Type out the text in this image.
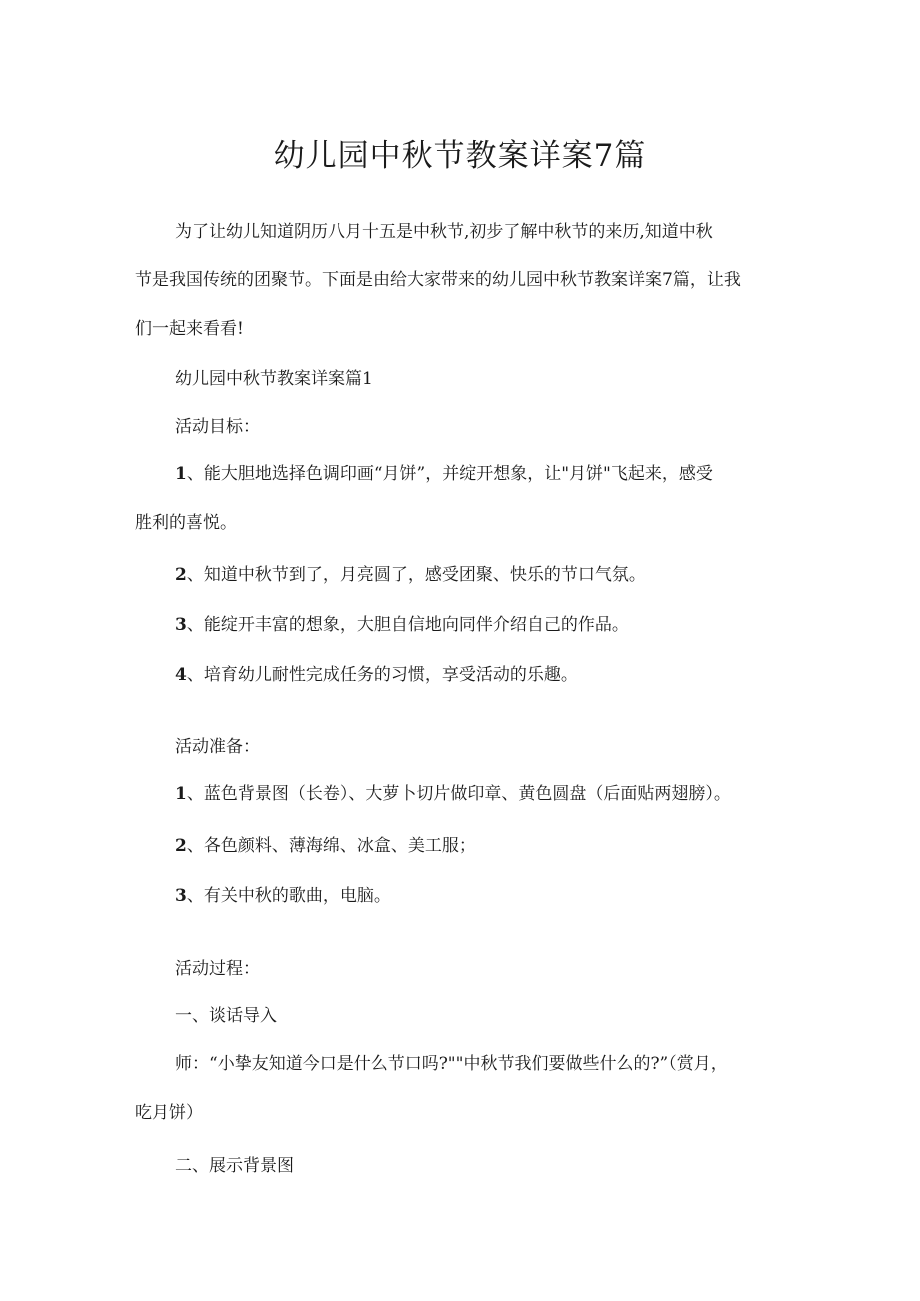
幼儿园中秋节教案详案7篇

为了让幼儿知道阴历八月十五是中秋节,初步了解中秋节的来历,知道中秋

节是我国传统的团聚节。下面是由给大家带来的幼儿园中秋节教案详案7篇，让我

们一起来看看!

幼儿园中秋节教案详案篇1

活动目标：

1、能大胆地选择色调印画“月饼”，并绽开想象，让"月饼"飞起来，感受

胜利的喜悦。

2、知道中秋节到了，月亮圆了，感受团聚、快乐的节口气氛。

3、能绽开丰富的想象，大胆自信地向同伴介绍自己的作品。

4、培育幼儿耐性完成任务的习惯，享受活动的乐趣。

活动准备：

1、蓝色背景图（长卷）、大萝卜切片做印章、黄色圆盘（后面贴两翅膀）。

2、各色颜料、薄海绵、冰盒、美工服；

3、有关中秋的歌曲，电脑。

活动过程：

一、谈话导入

师：“小挚友知道今口是什么节口吗?""中秋节我们要做些什么的?”（赏月，

吃月饼）

二、展示背景图
